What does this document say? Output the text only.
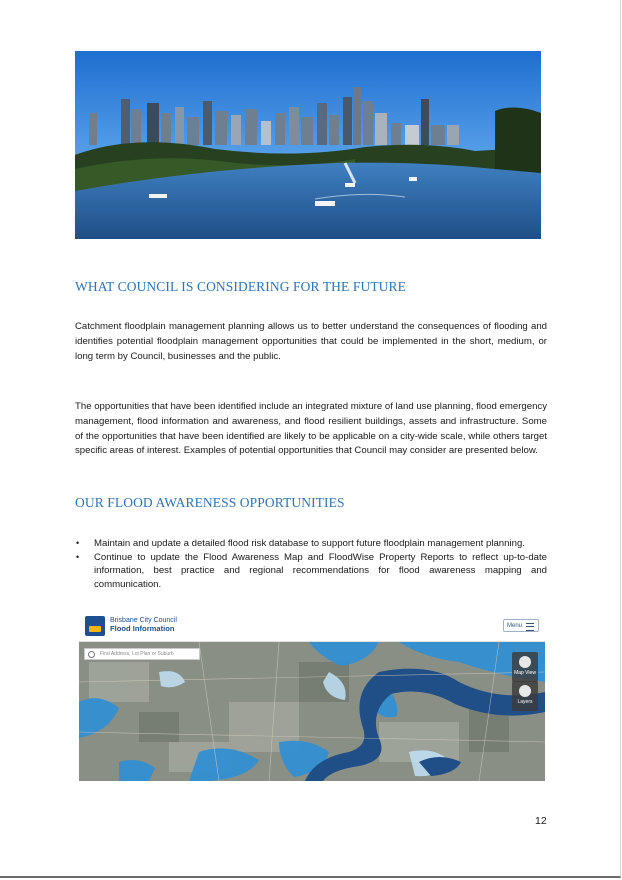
WHAT COUNCIL IS CONSIDERING FOR THE FUTURE

Catchment floodplain management planning allows us to better understand the consequences of flooding and identifies potential floodplain management opportunities that could be implemented in the short, medium, or long term by Council, businesses and the public.

The opportunities that have been identified include an integrated mixture of land use planning, flood emergency management, flood information and awareness, and flood resilient buildings, assets and infrastructure. Some of the opportunities that have been identified are likely to be applicable on a city-wide scale, while others target specific areas of interest. Examples of potential opportunities that Council may consider are presented below.

OUR FLOOD AWARENESS OPPORTUNITIES
• Maintain and update a detailed flood risk database to support future floodplain management planning.
• Continue to update the Flood Awareness Map and FloodWise Property Reports to reflect up-to-date information, best practice and regional recommendations for flood awareness mapping and communication.
Brisbane City Council
Flood Information	Menu
Find Address, Lot Plan or Suburb
Map View
Layers
12
